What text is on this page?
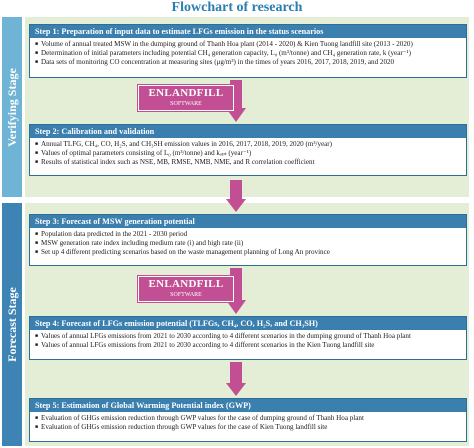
Flowchart of research
Verifying Stage
Forecast Stage
Step 1: Preparation of input data to estimate LFGs emission in the status scenarios
■ Volume of annual treated MSW in the dumping ground of Thanh Hoa plant (2014 - 2020) & Kien Tuong landfill site (2013 - 2020)
■ Determination of initial parameters including potential CH₄ generation capacity, L₀ (m³/tonne) and CH₄ generation rate, k (year⁻¹)
■ Data sets of monitoring CO concentration at measuring sites (μg/m³) in the times of years 2016, 2017, 2018, 2019, and 2020
ENLANDFILL
SOFTWARE
Step 2: Calibration and validation
■ Annual TLFG, CH₄, CO, H₂S, and CH₃SH emission values in 2016, 2017, 2018, 2019, 2020 (m³/year)
■ Values of optimal parameters consisting of L₀ (m³/tonne) and kₒₚₜ (year⁻¹)
■ Results of statistical index such as NSE, MB, RMSE, NMB, NME, and R correlation coefficient
Step 3: Forecast of MSW generation potential
■ Population data predicted in the 2021 - 2030 period
■ MSW generation rate index including medium rate (i) and high rate (ii)
■ Set up 4 different predicting scenarios based on the waste management planning of Long An province
ENLANDFILL
SOFTWARE
Step 4: Forecast of LFGs emission potential (TLFGs, CH₄, CO, H₂S, and CH₃SH)
■ Values of annual LFGs emissions from 2021 to 2030 according to 4 different scenarios in the dumping ground of Thanh Hoa plant
■ Values of annual LFGs emissions from 2021 to 2030 according to 4 different scenarios in the Kien Tuong landfill site
Step 5: Estimation of Global Warming Potential index (GWP)
■ Evaluation of GHGs emission reduction through GWP values for the case of dumping ground of Thanh Hoa plant
■ Evaluation of GHGs emission reduction through GWP values for the case of Kien Tuong landfill site
